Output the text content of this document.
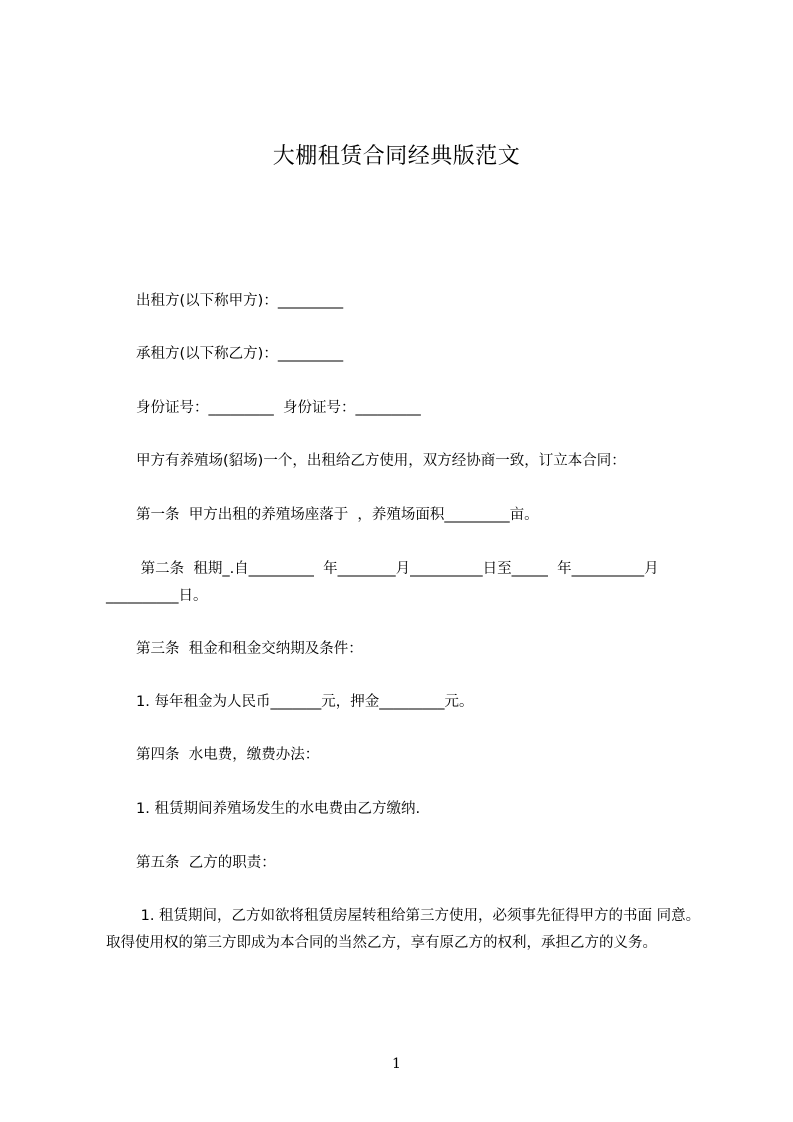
大棚租赁合同经典版范文
出租方(以下称甲方)：_________
承租方(以下称乙方)：_________
身份证号：_________  身份证号：_________
甲方有养殖场(貂场)一个，出租给乙方使用，双方经协商一致，订立本合同：
第一条  甲方出租的养殖场座落于  ，养殖场面积_________亩。
第二条  租期_.自_________  年________月__________日至_____  年__________月__________日。
第三条  租金和租金交纳期及条件：
1. 每年租金为人民币_______元，押金_________元。
第四条  水电费，缴费办法：
1. 租赁期间养殖场发生的水电费由乙方缴纳.
第五条  乙方的职责：
1. 租赁期间，乙方如欲将租赁房屋转租给第三方使用，必须事先征得甲方的书面 同意。取得使用权的第三方即成为本合同的当然乙方，享有原乙方的权利，承担乙方的义务。
1
